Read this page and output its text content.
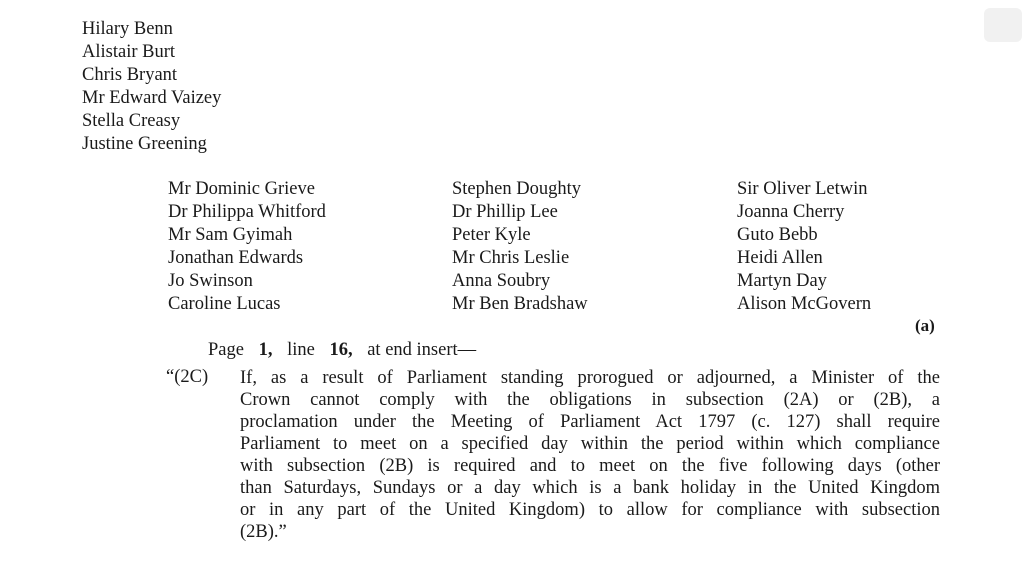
Hilary Benn
Alistair Burt
Chris Bryant
Mr Edward Vaizey
Stella Creasy
Justine Greening
Mr Dominic Grieve
Dr Philippa Whitford
Mr Sam Gyimah
Jonathan Edwards
Jo Swinson
Caroline Lucas
Stephen Doughty
Dr Phillip Lee
Peter Kyle
Mr Chris Leslie
Anna Soubry
Mr Ben Bradshaw
Sir Oliver Letwin
Joanna Cherry
Guto Bebb
Heidi Allen
Martyn Day
Alison McGovern
(a)
Page 1, line 16, at end insert—
“(2C) If, as a result of Parliament standing prorogued or adjourned, a Minister of the
Crown cannot comply with the obligations in subsection (2A) or (2B), a
proclamation under the Meeting of Parliament Act 1797 (c. 127) shall require
Parliament to meet on a specified day within the period within which compliance
with subsection (2B) is required and to meet on the five following days (other
than Saturdays, Sundays or a day which is a bank holiday in the United Kingdom
or in any part of the United Kingdom) to allow for compliance with subsection
(2B).”
